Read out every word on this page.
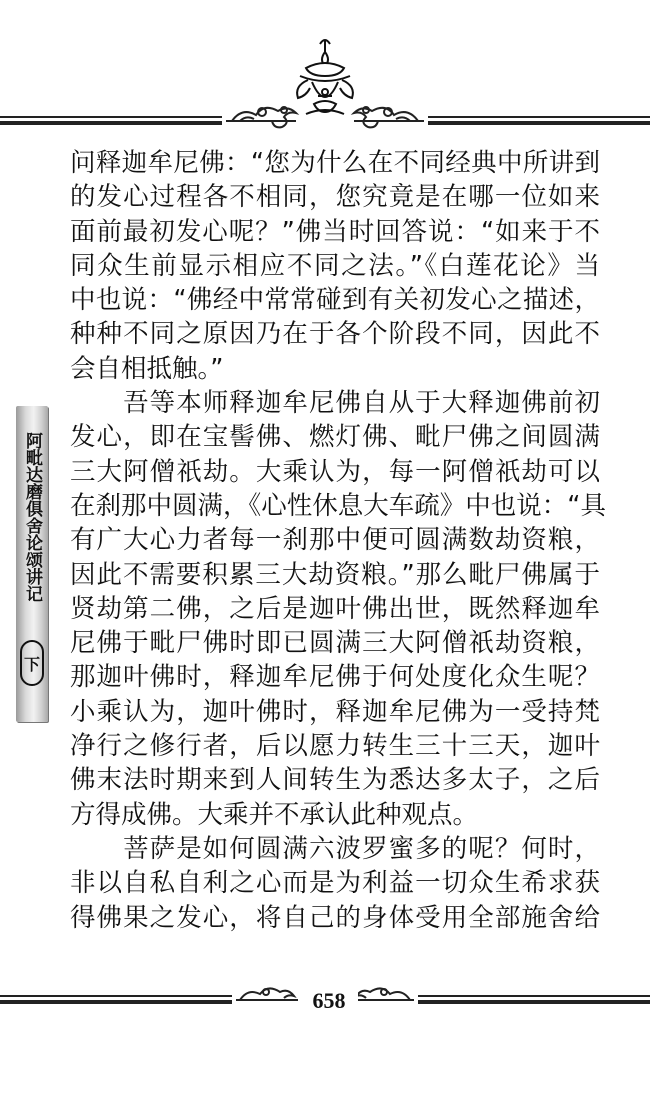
阿毗达磨俱舍论颂讲记
下
问释迦牟尼佛：“您为什么在不同经典中所讲到
的发心过程各不相同，您究竟是在哪一位如来
面前最初发心呢？”佛当时回答说：“如来于不
同众生前显示相应不同之法。”《白莲花论》当
中也说：“佛经中常常碰到有关初发心之描述，
种种不同之原因乃在于各个阶段不同，因此不
会自相抵触。”
　　吾等本师释迦牟尼佛自从于大释迦佛前初
发心，即在宝髻佛、燃灯佛、毗尸佛之间圆满
三大阿僧祇劫。大乘认为，每一阿僧祇劫可以
在刹那中圆满，《心性休息大车疏》中也说：“具
有广大心力者每一刹那中便可圆满数劫资粮，
因此不需要积累三大劫资粮。”那么毗尸佛属于
贤劫第二佛，之后是迦叶佛出世，既然释迦牟
尼佛于毗尸佛时即已圆满三大阿僧祇劫资粮，
那迦叶佛时，释迦牟尼佛于何处度化众生呢？
小乘认为，迦叶佛时，释迦牟尼佛为一受持梵
净行之修行者，后以愿力转生三十三天，迦叶
佛末法时期来到人间转生为悉达多太子，之后
方得成佛。大乘并不承认此种观点。
　　菩萨是如何圆满六波罗蜜多的呢？何时，
非以自私自利之心而是为利益一切众生希求获
得佛果之发心，将自己的身体受用全部施舍给
658
